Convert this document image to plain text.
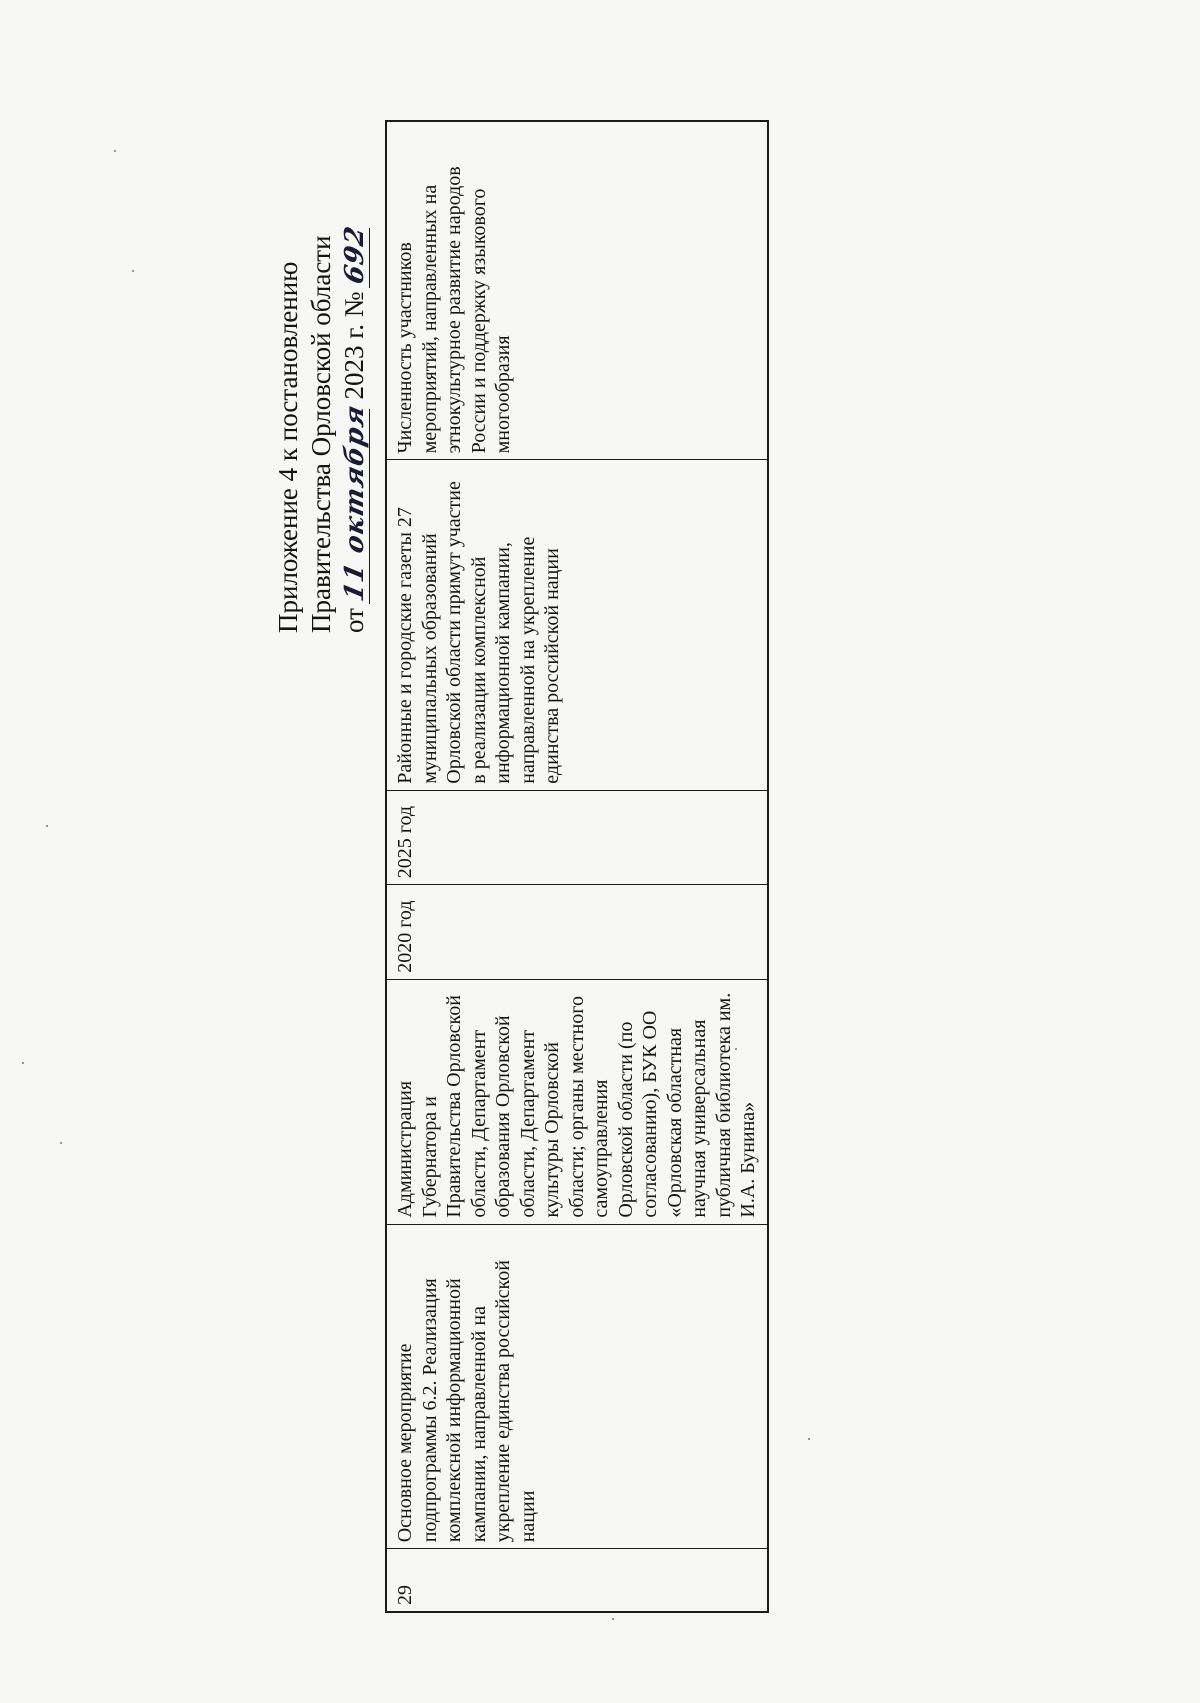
Приложение 4 к постановлению Правительства Орловской области от 11 октября 2023 г. № 692
29	Основное мероприятие подпрограммы 6.2. Реализация комплексной информационной кампании, направленной на укрепление единства российской нации	Администрация Губернатора и Правительства Орловской области, Департамент образования Орловской области, Департамент культуры Орловской области; органы местного самоуправления Орловской области (по согласованию), БУК ОО «Орловская областная научная универсальная публичная библиотека им. И.А. Бунина»	2020 год	2025 год	Районные и городские газеты 27 муниципальных образований Орловской области примут участие в реализации комплексной информационной кампании, направленной на укрепление единства российской нации	Численность участников мероприятий, направленных на этнокультурное развитие народов России и поддержку языкового многообразия
